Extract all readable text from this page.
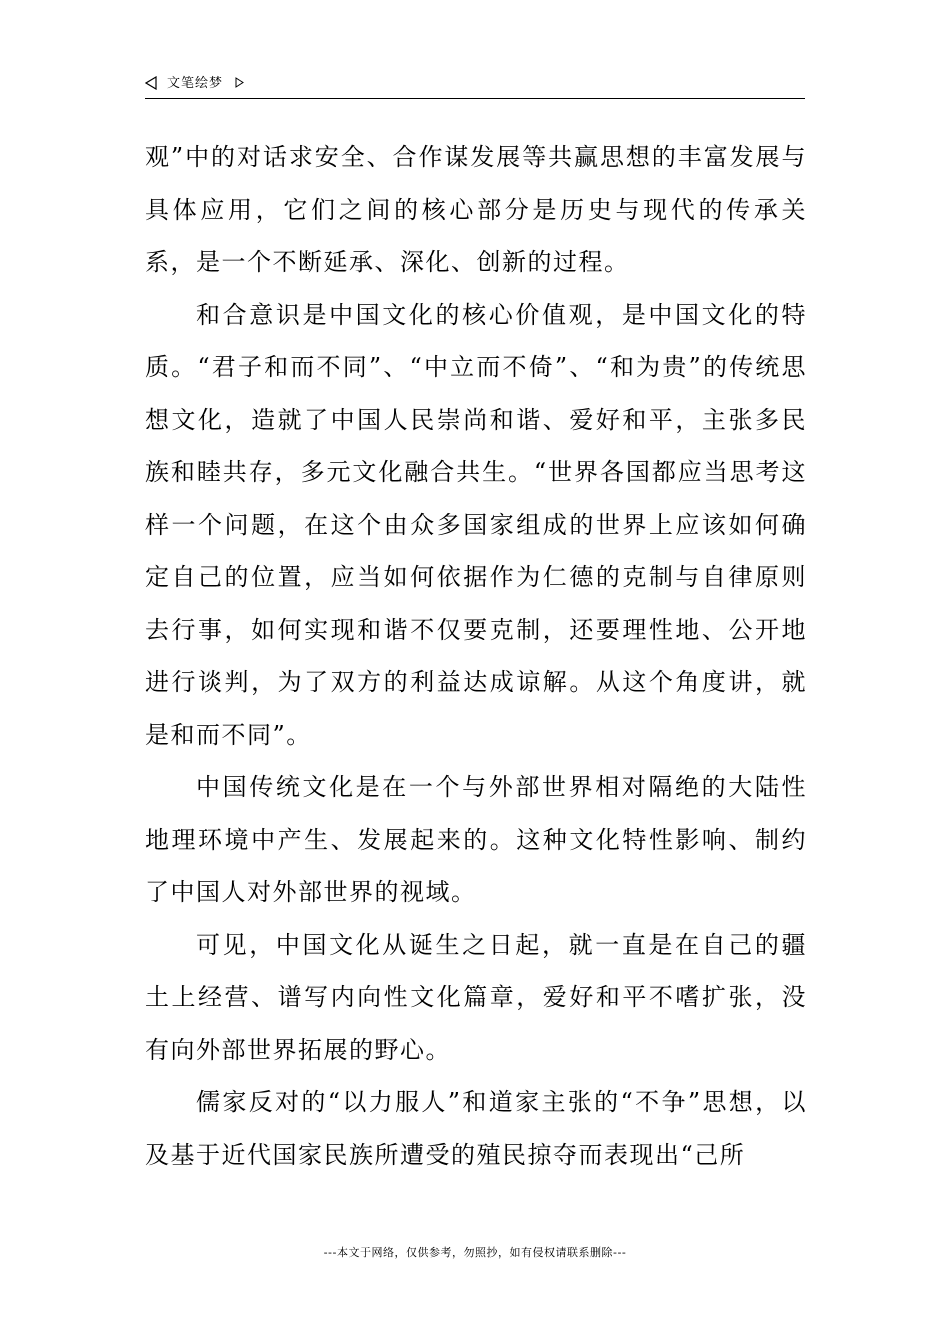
文笔绘梦

观”中的对话求安全、合作谋发展等共赢思想的丰富发展与具体应用，它们之间的核心部分是历史与现代的传承关系，是一个不断延承、深化、创新的过程。

和合意识是中国文化的核心价值观，是中国文化的特质。“君子和而不同”、“中立而不倚”、“和为贵”的传统思想文化，造就了中国人民崇尚和谐、爱好和平，主张多民族和睦共存，多元文化融合共生。“世界各国都应当思考这样一个问题，在这个由众多国家组成的世界上应该如何确定自己的位置，应当如何依据作为仁德的克制与自律原则去行事，如何实现和谐不仅要克制，还要理性地、公开地进行谈判，为了双方的利益达成谅解。从这个角度讲，就是和而不同”。

中国传统文化是在一个与外部世界相对隔绝的大陆性地理环境中产生、发展起来的。这种文化特性影响、制约了中国人对外部世界的视域。

可见，中国文化从诞生之日起，就一直是在自己的疆土上经营、谱写内向性文化篇章，爱好和平不嗜扩张，没有向外部世界拓展的野心。

儒家反对的“以力服人”和道家主张的“不争”思想，以及基于近代国家民族所遭受的殖民掠夺而表现出“己所

---本文于网络，仅供参考，勿照抄，如有侵权请联系删除---
